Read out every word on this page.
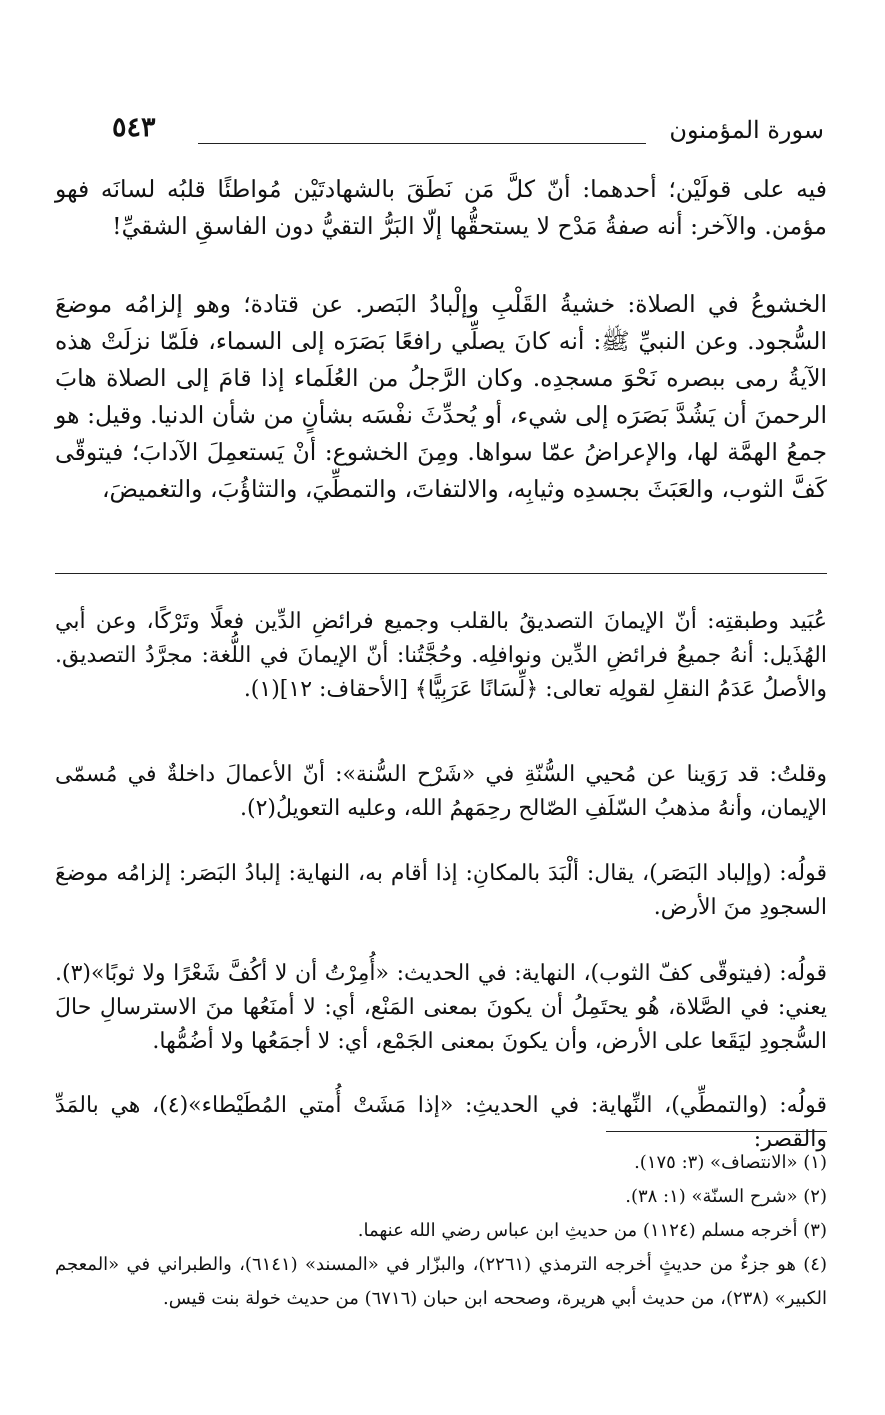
سورة المؤمنون
٥٤٣

فيه على قولَيْن؛ أحدهما: أنّ كلَّ مَن نَطَقَ بالشهادتَيْن مُواطئًا قلبُه لسانَه فهو مؤمن. والآخر: أنه صفةُ مَدْح لا يستحقُّها إلّا البَرُّ التقيُّ دون الفاسقِ الشقيِّ!

الخشوعُ في الصلاة: خشيةُ القَلْبِ وإلْبادُ البَصر. عن قتادة؛ وهو إلزامُه موضعَ السُّجود. وعن النبيِّ ﷺ: أنه كانَ يصلِّي رافعًا بَصَرَه إلى السماء، فلَمّا نزلَتْ هذه الآيةُ رمى ببصره نَحْوَ مسجدِه. وكان الرَّجلُ من العُلَماء إذا قامَ إلى الصلاة هابَ الرحمنَ أن يَشُدَّ بَصَرَه إلى شيء، أو يُحدِّثَ نفْسَه بشأنٍ من شأن الدنيا. وقيل: هو جمعُ الهمَّة لها، والإعراضُ عمّا سواها. ومِنَ الخشوع: أنْ يَستعمِلَ الآدابَ؛ فيتوقّى كَفَّ الثوب، والعَبَثَ بجسدِه وثيابِه، والالتفاتَ، والتمطِّيَ، والتثاؤُبَ، والتغميضَ،

عُبَيد وطبقتِه: أنّ الإيمانَ التصديقُ بالقلب وجميع فرائضِ الدِّين فعلًا وتَرْكًا، وعن أبي الهُذَيل: أنهُ جميعُ فرائضِ الدِّين ونوافلِه. وحُجَّتُنا: أنّ الإيمانَ في اللُّغة: مجرَّدُ التصديق. والأصلُ عَدَمُ النقلِ لقولِه تعالى: ﴿لِّسَانًا عَرَبِيًّا﴾ [الأحقاف: ١٢](١).

وقلتُ: قد رَوَينا عن مُحيي السُّنّةِ في «شَرْح السُّنة»: أنّ الأعمالَ داخلةٌ في مُسمّى الإيمان، وأنهُ مذهبُ السّلَفِ الصّالح رحِمَهمُ الله، وعليه التعويلُ(٢).

قولُه: (وإلباد البَصَر)، يقال: ألْبَدَ بالمكانِ: إذا أقام به، النهاية: إلبادُ البَصَر: إلزامُه موضعَ السجودِ منَ الأرض.

قولُه: (فيتوقّى كفّ الثوب)، النهاية: في الحديث: «أُمِرْتُ أن لا أكُفَّ شَعْرًا ولا ثوبًا»(٣). يعني: في الصَّلاة، هُو يحتَمِلُ أن يكونَ بمعنى المَنْع، أي: لا أمنَعُها منَ الاسترسالِ حالَ السُّجودِ ليَقَعا على الأرض، وأن يكونَ بمعنى الجَمْع، أي: لا أجمَعُها ولا أضُمُّها.

قولُه: (والتمطِّي)، النِّهاية: في الحديثِ: «إذا مَشَتْ أُمتي المُطَيْطاء»(٤)، هي بالمَدِّ والقصر:

(١) «الانتصاف» (٣: ١٧٥).

(٢) «شرح السنّة» (١: ٣٨).

(٣) أخرجه مسلم (١١٢٤) من حديثِ ابن عباس رضي الله عنهما.

(٤) هو جزءٌ من حديثٍ أخرجه الترمذي (٢٢٦١)، والبزّار في «المسند» (٦١٤١)، والطبراني في «المعجم الكبير» (٢٣٨)، من حديث أبي هريرة، وصححه ابن حبان (٦٧١٦) من حديث خولة بنت قيس.
